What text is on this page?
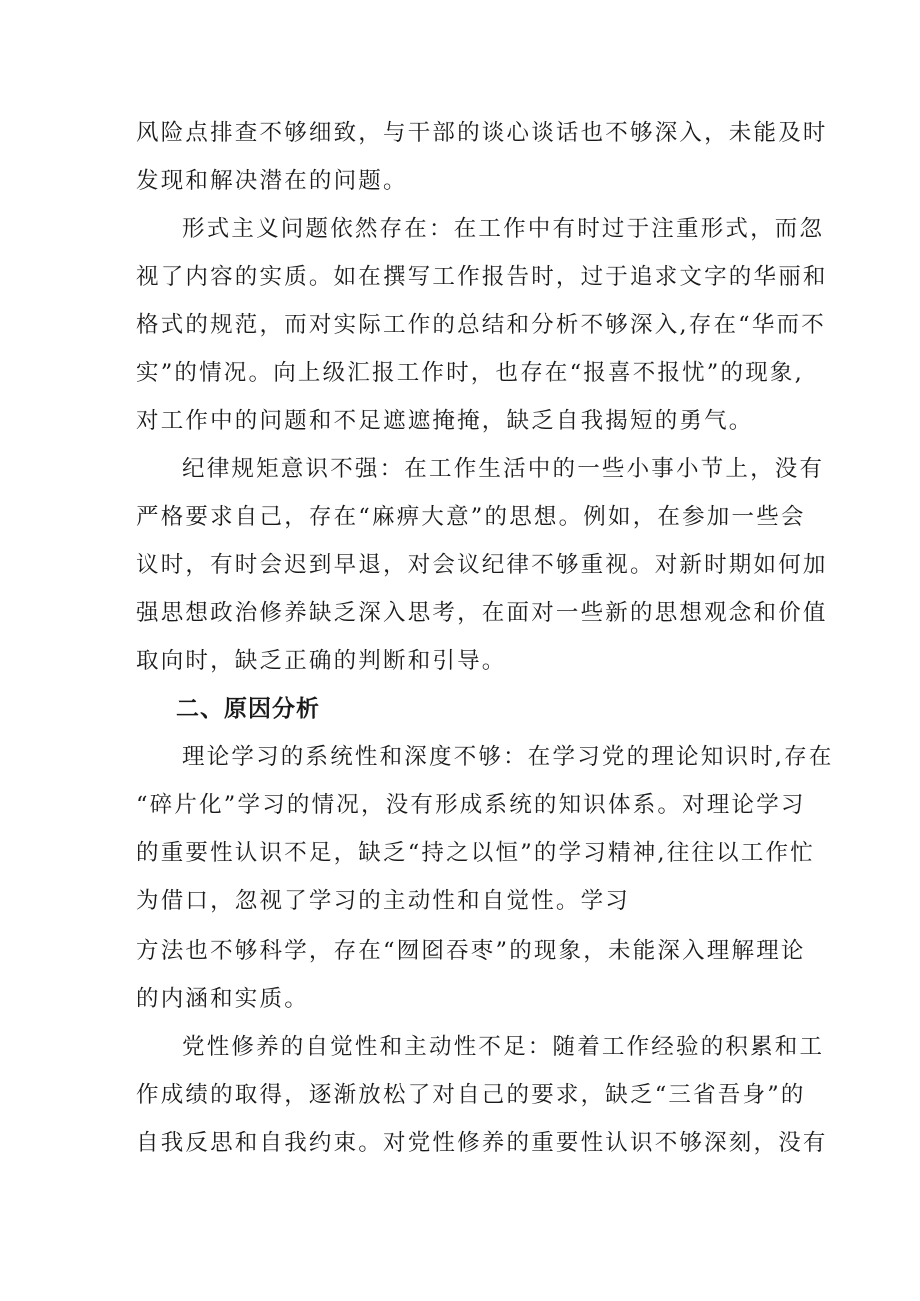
风险点排查不够细致，与干部的谈心谈话也不够深入，未能及时
发现和解决潜在的问题。
形式主义问题依然存在：在工作中有时过于注重形式，而忽
视了内容的实质。如在撰写工作报告时，过于追求文字的华丽和
格式的规范，而对实际工作的总结和分析不够深入,存在“华而不
实”的情况。向上级汇报工作时，也存在“报喜不报忧”的现象,
对工作中的问题和不足遮遮掩掩，缺乏自我揭短的勇气。
纪律规矩意识不强：在工作生活中的一些小事小节上，没有
严格要求自己，存在“麻痹大意”的思想。例如，在参加一些会
议时，有时会迟到早退，对会议纪律不够重视。对新时期如何加
强思想政治修养缺乏深入思考，在面对一些新的思想观念和价值
取向时，缺乏正确的判断和引导。
二、原因分析
理论学习的系统性和深度不够：在学习党的理论知识时,存在
“碎片化”学习的情况，没有形成系统的知识体系。对理论学习
的重要性认识不足，缺乏“持之以恒”的学习精神,往往以工作忙
为借口，忽视了学习的主动性和自觉性。学习
方法也不够科学，存在“囫囵吞枣”的现象，未能深入理解理论
的内涵和实质。
党性修养的自觉性和主动性不足：随着工作经验的积累和工
作成绩的取得，逐渐放松了对自己的要求，缺乏“三省吾身”的
自我反思和自我约束。对党性修养的重要性认识不够深刻，没有
